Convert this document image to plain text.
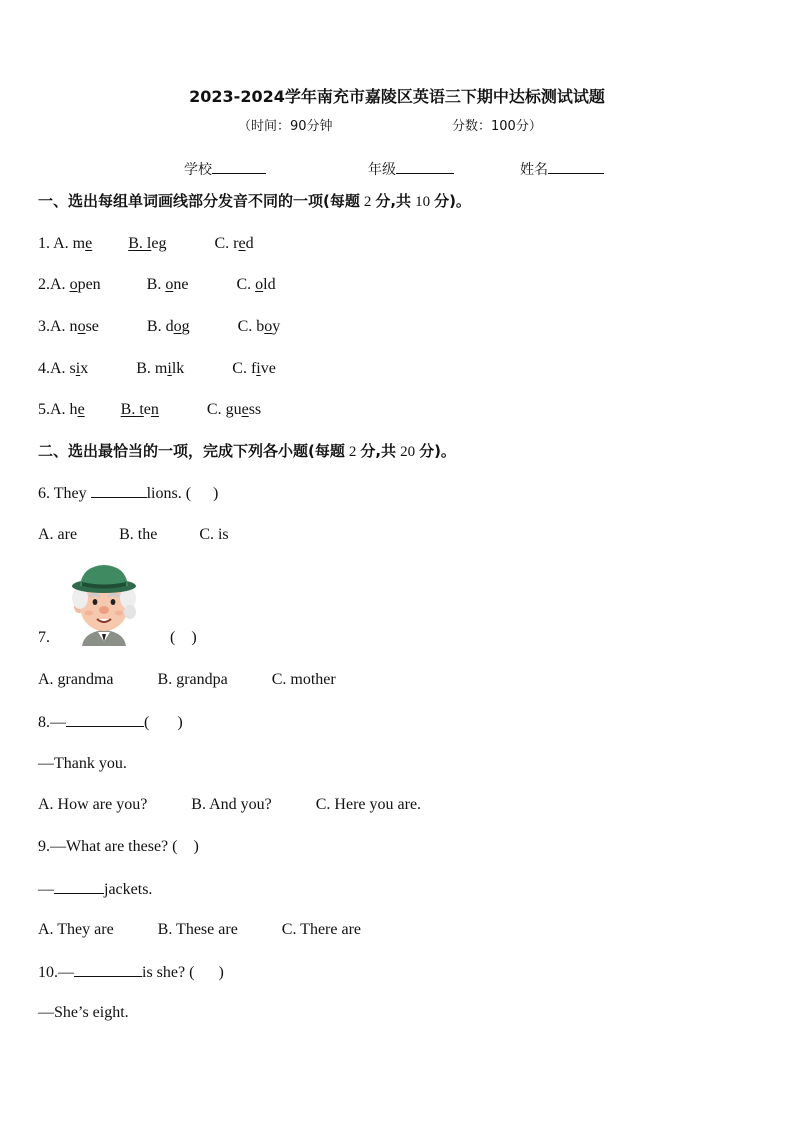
2023-2024学年南充市嘉陵区英语三下期中达标测试试题
（时间：90分钟	分数：100分）
学校	年级	姓名
一、选出每组单词画线部分发音不同的一项(每题 2 分,共 10 分)。
1. A. me B. leg	C. red
2.A. open	B. one	C. old
3.A. nose	B. dog	C. boy
4.A. six	B. milk	C. five
5.A. he B. ten	C. guess
二、选出最恰当的一项，完成下列各小题(每题 2 分,共 20 分)。
6. They	lions. ( )
A. are	B. the	C. is
7.	( )
A. grandma	B. grandpa	C. mother
8.—	( )
—Thank you.
A. How are you?	B. And you?	C. Here you are.
9.—What are these? ( )
—	jackets.
A. They are	B. These are	C. There are
10.—	is she? ( )
—She’s eight.
